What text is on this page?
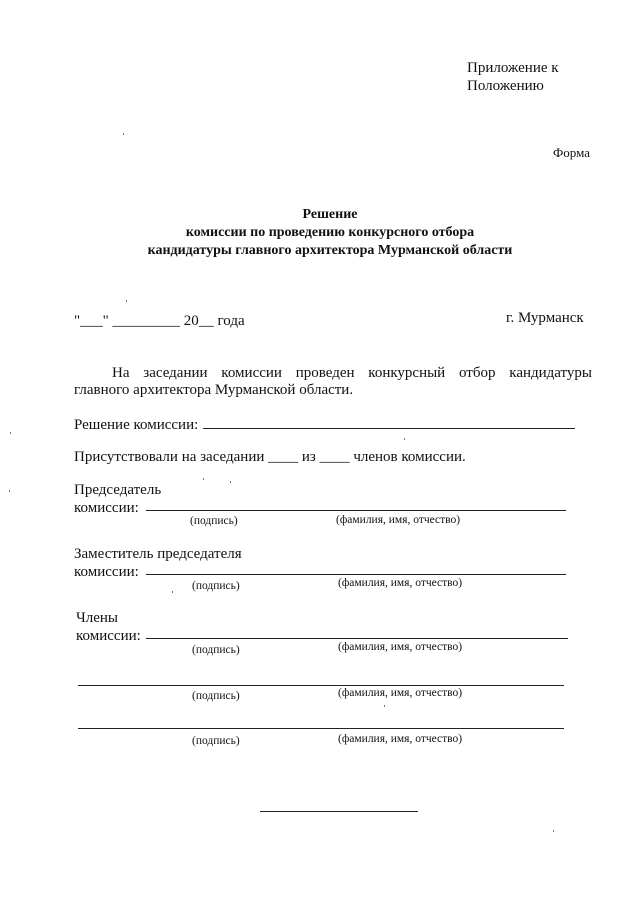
Приложение к
Положению
Форма
Решение
комиссии по проведению конкурсного отбора
кандидатуры главного архитектора Мурманской области
"___" _________ 20__ года	г. Мурманск
На заседании комиссии проведен конкурсный отбор кандидатуры
главного архитектора Мурманской области.
Решение комиссии:
Присутствовали на заседании ____ из ____ членов комиссии.
Председатель
комиссии:
(подпись)	(фамилия, имя, отчество)
Заместитель председателя
комиссии:
(подпись)	(фамилия, имя, отчество)
Члены
комиссии:
(подпись)	(фамилия, имя, отчество)
(подпись)	(фамилия, имя, отчество)
(подпись)	(фамилия, имя, отчество)
